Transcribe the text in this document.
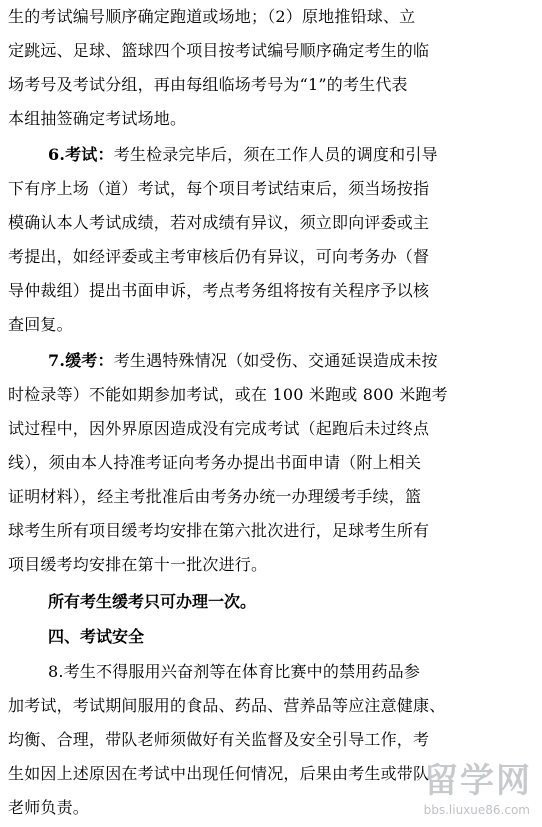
生的考试编号顺序确定跑道或场地；（2）原地推铅球、立
定跳远、足球、篮球四个项目按考试编号顺序确定考生的临
场考号及考试分组，再由每组临场考号为“1”的考生代表
本组抽签确定考试场地。
6.考试：考生检录完毕后，须在工作人员的调度和引导
下有序上场（道）考试，每个项目考试结束后，须当场按指
模确认本人考试成绩，若对成绩有异议，须立即向评委或主
考提出，如经评委或主考审核后仍有异议，可向考务办（督
导仲裁组）提出书面申诉，考点考务组将按有关程序予以核
查回复。
7.缓考：考生遇特殊情况（如受伤、交通延误造成未按
时检录等）不能如期参加考试，或在 100 米跑或 800 米跑考
试过程中，因外界原因造成没有完成考试（起跑后未过终点
线），须由本人持准考证向考务办提出书面申请（附上相关
证明材料），经主考批准后由考务办统一办理缓考手续，篮
球考生所有项目缓考均安排在第六批次进行，足球考生所有
项目缓考均安排在第十一批次进行。
所有考生缓考只可办理一次。
四、考试安全
8.考生不得服用兴奋剂等在体育比赛中的禁用药品参
加考试，考试期间服用的食品、药品、营养品等应注意健康、
均衡、合理，带队老师须做好有关监督及安全引导工作，考
生如因上述原因在考试中出现任何情况，后果由考生或带队
老师负责。
留学网
bbs.liuxue86.com
